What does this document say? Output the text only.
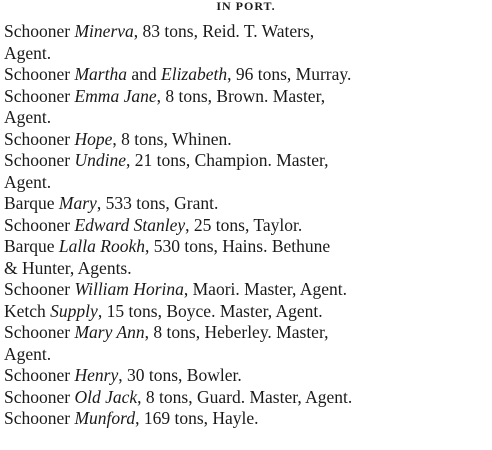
IN PORT.
Schooner Minerva, 83 tons, Reid. T. Waters,
Agent.
Schooner Martha and Elizabeth, 96 tons, Murray.
Schooner Emma Jane, 8 tons, Brown. Master,
Agent.
Schooner Hope, 8 tons, Whinen.
Schooner Undine, 21 tons, Champion. Master,
Agent.
Barque Mary, 533 tons, Grant.
Schooner Edward Stanley, 25 tons, Taylor.
Barque Lalla Rookh, 530 tons, Hains. Bethune
& Hunter, Agents.
Schooner William Horina, Maori. Master, Agent.
Ketch Supply, 15 tons, Boyce. Master, Agent.
Schooner Mary Ann, 8 tons, Heberley. Master,
Agent.
Schooner Henry, 30 tons, Bowler.
Schooner Old Jack, 8 tons, Guard. Master, Agent.
Schooner Munford, 169 tons, Hayle.
